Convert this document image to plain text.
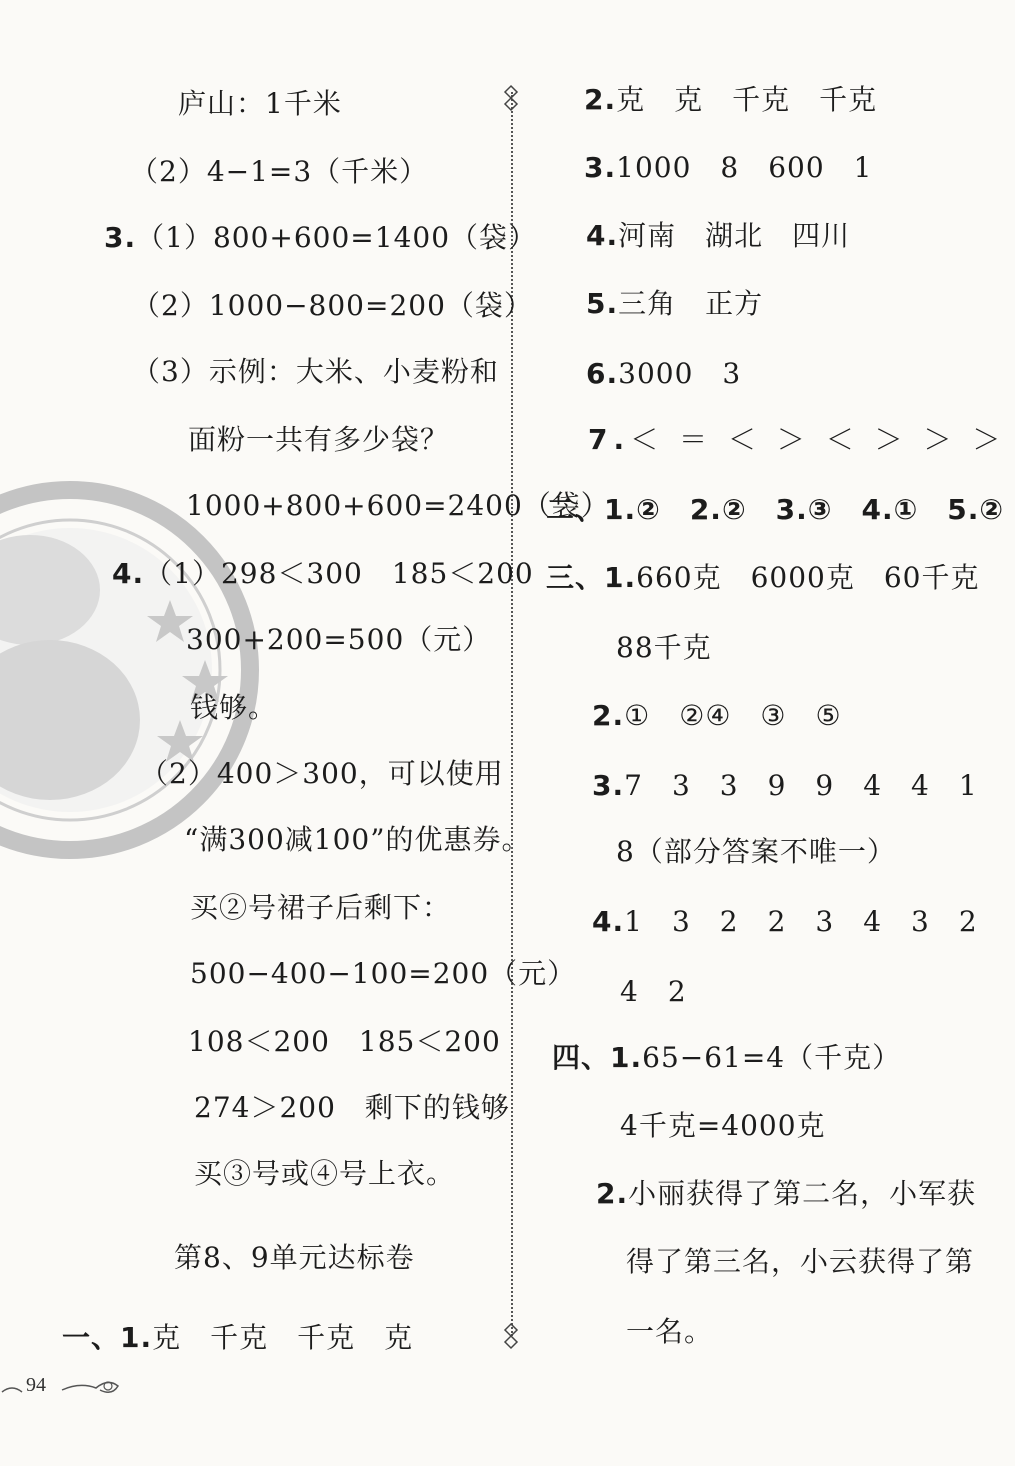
庐山：1千米
（2）4−1=3（千米）
3.（1）800+600=1400（袋）
（2）1000−800=200（袋）
（3）示例：大米、小麦粉和
面粉一共有多少袋？
1000+800+600=2400（袋）
4.（1）298＜300　185＜200
300+200=500（元）
钱够。
（2）400＞300，可以使用
“满300减100”的优惠券。
买②号裙子后剩下：
500−400−100=200（元）
108＜200　185＜200
274＞200　剩下的钱够
买③号或④号上衣。
第8、9单元达标卷
一、1.克　千克　千克　克
2.克　克　千克　千克
3.1000　8　600　1
4.河南　湖北　四川
5.三角　正方
6.3000　3
7.＜ ＝ ＜ ＞ ＜ ＞ ＞ ＞
二、1.②　2.②　3.③　4.①　5.②
三、1.660克　6000克　60千克
88千克
2.①　②④　③　⑤
3.7　3　3　9　9　4　4　1
8（部分答案不唯一）
4.1　3　2　2　3　4　3　2
4　2
四、1.65−61=4（千克）
4千克=4000克
2.小丽获得了第二名，小军获
得了第三名，小云获得了第
一名。
94
